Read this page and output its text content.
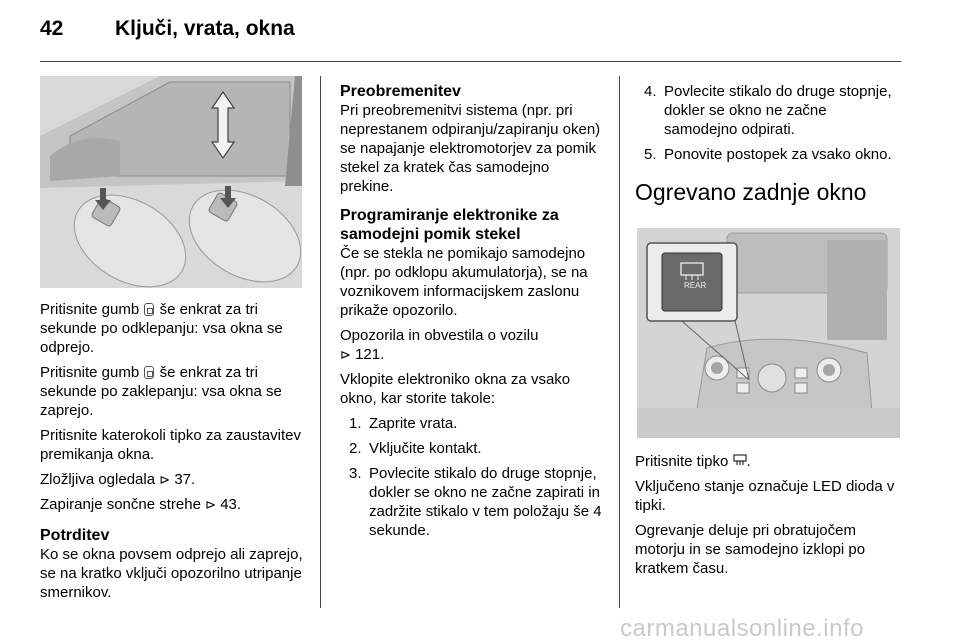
42 Ključi, vrata, okna

Pritisnite gumb še enkrat za tri sekunde po odklepanju: vsa okna se odprejo.

Pritisnite gumb še enkrat za tri sekunde po zaklepanju: vsa okna se zaprejo.

Pritisnite katerokoli tipko za zaustavitev premikanja okna.

Zložljiva ogledala ⊳ 37.

Zapiranje sončne strehe ⊳ 43.

Potrditev

Ko se okna povsem odprejo ali zaprejo, se na kratko vključi opozorilno utripanje smernikov.

Preobremenitev

Pri preobremenitvi sistema (npr. pri neprestanem odpiranju/zapiranju oken) se napajanje elektromotorjev za pomik stekel za kratek čas samodejno prekine.

Programiranje elektronike za samodejni pomik stekel

Če se stekla ne pomikajo samodejno (npr. po odklopu akumulatorja), se na voznikovem informacijskem zaslonu prikaže opozorilo.

Opozorila in obvestila o vozilu
⊳ 121.

Vklopite elektroniko okna za vsako okno, kar storite takole:

1. Zaprite vrata.
2. Vključite kontakt.
3. Povlecite stikalo do druge stopnje, dokler se okno ne začne zapirati in zadržite stikalo v tem položaju še 4 sekunde.
4. Povlecite stikalo do druge stopnje, dokler se okno ne začne samodejno odpirati.
5. Ponovite postopek za vsako okno.
Ogrevano zadnje okno
REAR

Pritisnite tipko .

Vključeno stanje označuje LED dioda v tipki.

Ogrevanje deluje pri obratujočem motorju in se samodejno izklopi po kratkem času.

carmanualsonline.info
